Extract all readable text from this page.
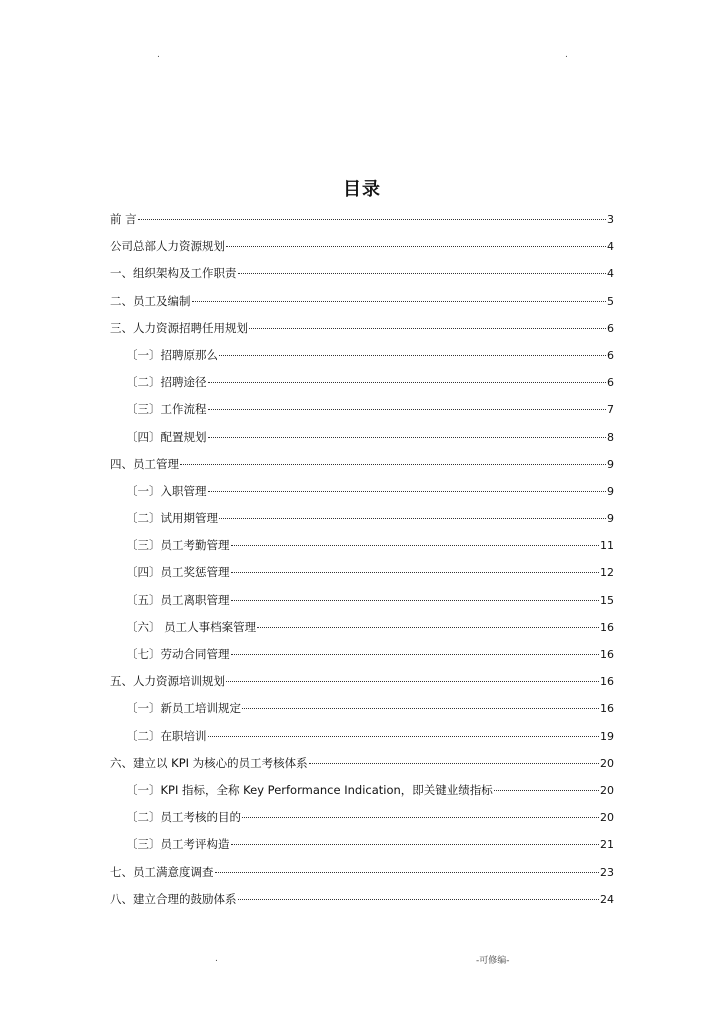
.	.
目录
前 言	3
公司总部人力资源规划	4
一、组织架构及工作职责	4
二、员工及编制	5
三、人力资源招聘任用规划	6
〔一〕招聘原那么	6
〔二〕招聘途径	6
〔三〕工作流程	7
〔四〕配置规划	8
四、员工管理	9
〔一〕入职管理	9
〔二〕试用期管理	9
〔三〕员工考勤管理	11
〔四〕员工奖惩管理	12
〔五〕员工离职管理	15
〔六〕 员工人事档案管理	16
〔七〕劳动合同管理	16
五、人力资源培训规划	16
〔一〕新员工培训规定	16
〔二〕在职培训	19
六、建立以 KPI 为核心的员工考核体系	20
〔一〕KPI 指标，全称 Key Performance Indication，即关键业绩指标	20
〔二〕员工考核的目的	20
〔三〕员工考评构造	21
七、员工满意度调查	23
八、建立合理的鼓励体系	24
.	-可修编-
